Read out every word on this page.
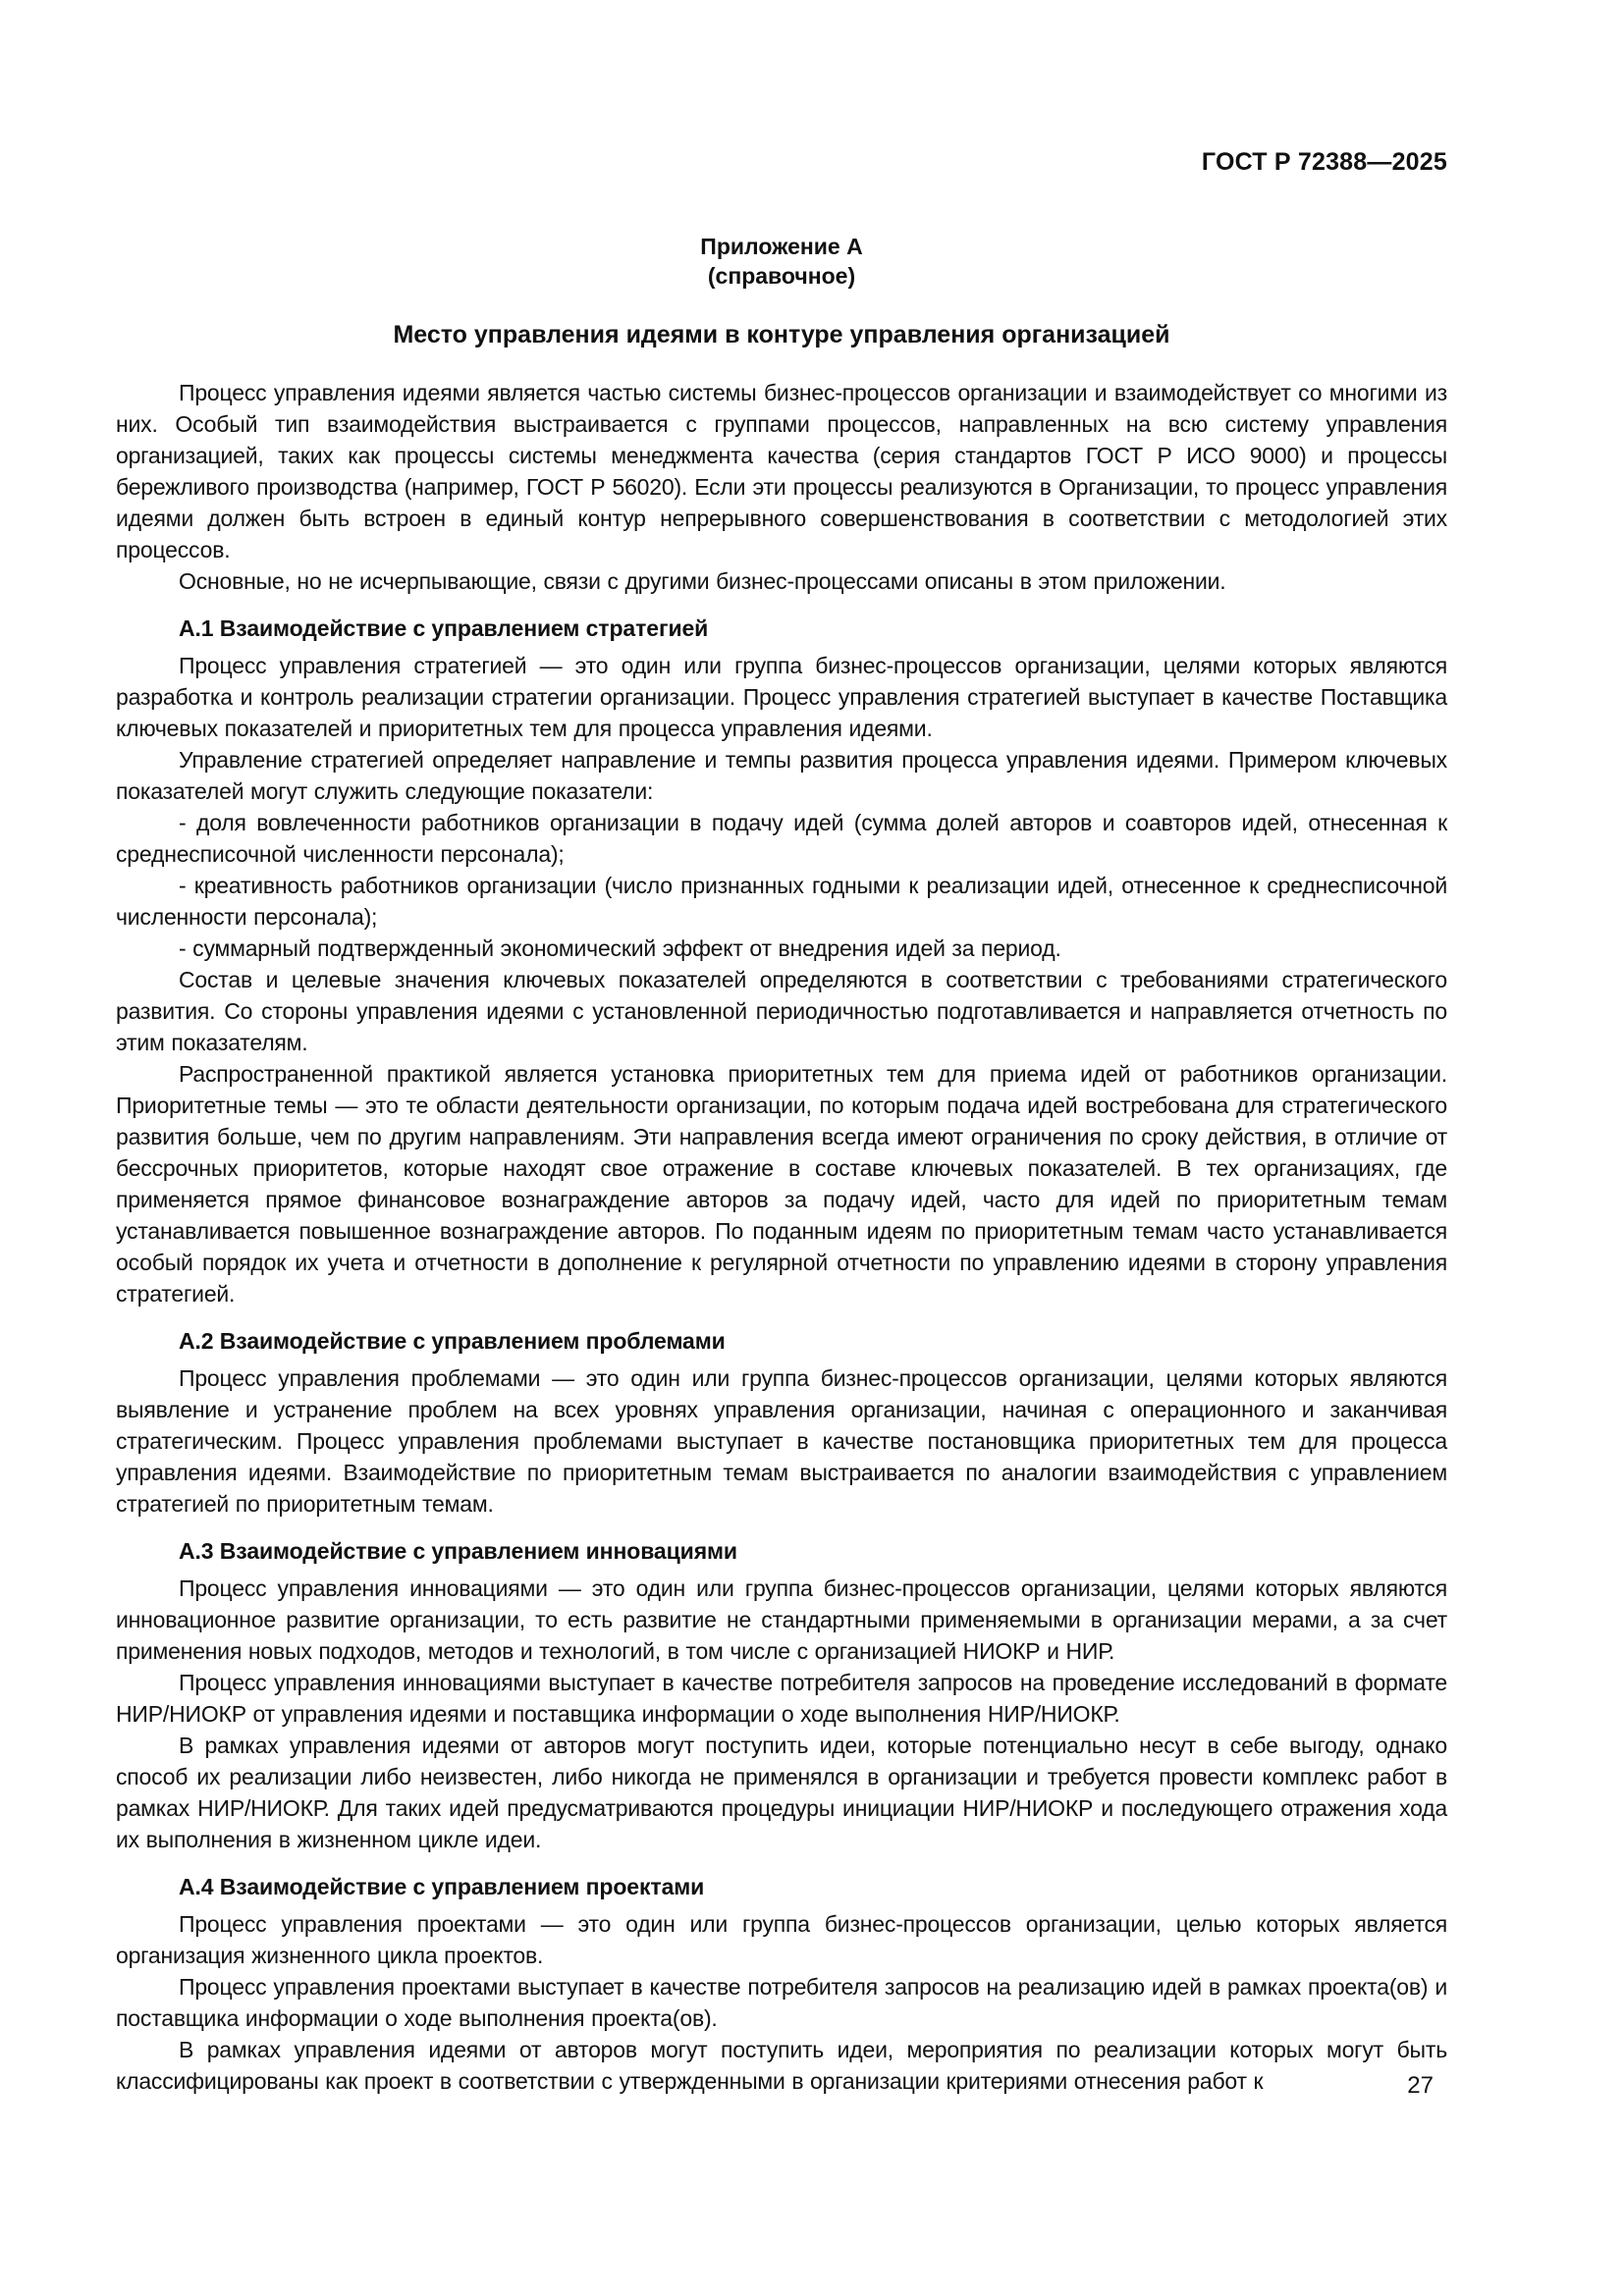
ГОСТ Р 72388—2025
Приложение А
(справочное)
Место управления идеями в контуре управления организацией

Процесс управления идеями является частью системы бизнес-процессов организации и взаимодействует со многими из них. Особый тип взаимодействия выстраивается с группами процессов, направленных на всю систему управления организацией, таких как процессы системы менеджмента качества (серия стандартов ГОСТ Р ИСО 9000) и процессы бережливого производства (например, ГОСТ Р 56020). Если эти процессы реализуются в Организации, то процесс управления идеями должен быть встроен в единый контур непрерывного совершенствования в соответствии с методологией этих процессов.

Основные, но не исчерпывающие, связи с другими бизнес-процессами описаны в этом приложении.

А.1 Взаимодействие с управлением стратегией

Процесс управления стратегией — это один или группа бизнес-процессов организации, целями которых являются разработка и контроль реализации стратегии организации. Процесс управления стратегией выступает в качестве Поставщика ключевых показателей и приоритетных тем для процесса управления идеями.

Управление стратегией определяет направление и темпы развития процесса управления идеями. Примером ключевых показателей могут служить следующие показатели:

- доля вовлеченности работников организации в подачу идей (сумма долей авторов и соавторов идей, отнесенная к среднесписочной численности персонала);

- креативность работников организации (число признанных годными к реализации идей, отнесенное к среднесписочной численности персонала);

- суммарный подтвержденный экономический эффект от внедрения идей за период.

Состав и целевые значения ключевых показателей определяются в соответствии с требованиями стратегического развития. Со стороны управления идеями с установленной периодичностью подготавливается и направляется отчетность по этим показателям.

Распространенной практикой является установка приоритетных тем для приема идей от работников организации. Приоритетные темы — это те области деятельности организации, по которым подача идей востребована для стратегического развития больше, чем по другим направлениям. Эти направления всегда имеют ограничения по сроку действия, в отличие от бессрочных приоритетов, которые находят свое отражение в составе ключевых показателей. В тех организациях, где применяется прямое финансовое вознаграждение авторов за подачу идей, часто для идей по приоритетным темам устанавливается повышенное вознаграждение авторов. По поданным идеям по приоритетным темам часто устанавливается особый порядок их учета и отчетности в дополнение к регулярной отчетности по управлению идеями в сторону управления стратегией.

А.2 Взаимодействие с управлением проблемами

Процесс управления проблемами — это один или группа бизнес-процессов организации, целями которых являются выявление и устранение проблем на всех уровнях управления организации, начиная с операционного и заканчивая стратегическим. Процесс управления проблемами выступает в качестве постановщика приоритетных тем для процесса управления идеями. Взаимодействие по приоритетным темам выстраивается по аналогии взаимодействия с управлением стратегией по приоритетным темам.

А.3 Взаимодействие с управлением инновациями

Процесс управления инновациями — это один или группа бизнес-процессов организации, целями которых являются инновационное развитие организации, то есть развитие не стандартными применяемыми в организации мерами, а за счет применения новых подходов, методов и технологий, в том числе с организацией НИОКР и НИР.

Процесс управления инновациями выступает в качестве потребителя запросов на проведение исследований в формате НИР/НИОКР от управления идеями и поставщика информации о ходе выполнения НИР/НИОКР.

В рамках управления идеями от авторов могут поступить идеи, которые потенциально несут в себе выгоду, однако способ их реализации либо неизвестен, либо никогда не применялся в организации и требуется провести комплекс работ в рамках НИР/НИОКР. Для таких идей предусматриваются процедуры инициации НИР/НИОКР и последующего отражения хода их выполнения в жизненном цикле идеи.

А.4 Взаимодействие с управлением проектами

Процесс управления проектами — это один или группа бизнес-процессов организации, целью которых является организация жизненного цикла проектов.

Процесс управления проектами выступает в качестве потребителя запросов на реализацию идей в рамках проекта(ов) и поставщика информации о ходе выполнения проекта(ов).

В рамках управления идеями от авторов могут поступить идеи, мероприятия по реализации которых могут быть классифицированы как проект в соответствии с утвержденными в организации критериями отнесения работ к	27
